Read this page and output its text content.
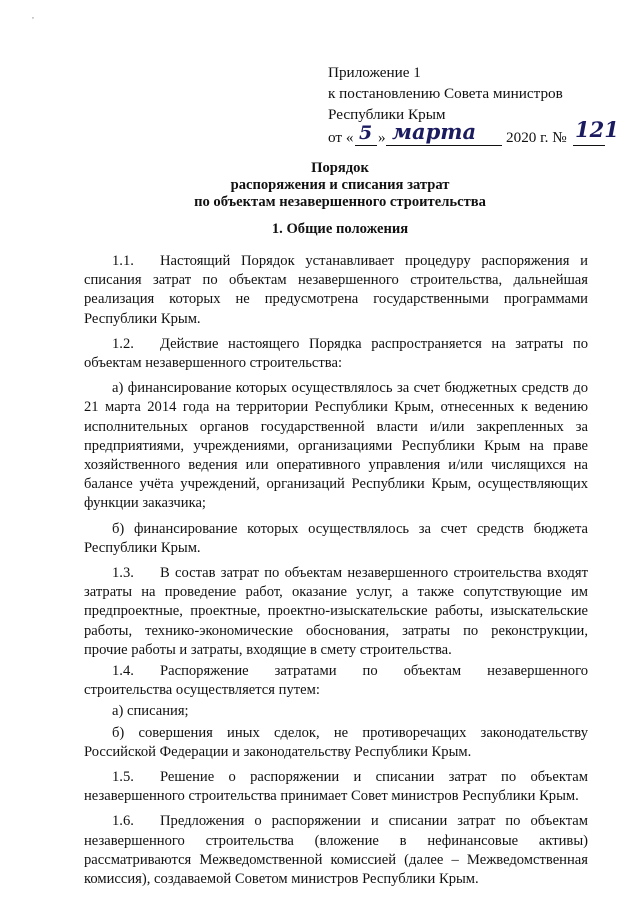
,
Приложение 1
к постановлению Совета министров
Республики Крым
от « 5 » марта 2020 г. № 121
Порядок
распоряжения и списания затрат
по объектам незавершенного строительства
1. Общие положения

1.1. Настоящий Порядок устанавливает процедуру распоряжения и списания затрат по объектам незавершенного строительства, дальнейшая реализация которых не предусмотрена государственными программами Республики Крым.

1.2. Действие настоящего Порядка распространяется на затраты по объектам незавершенного строительства:

а) финансирование которых осуществлялось за счет бюджетных средств до 21 марта 2014 года на территории Республики Крым, отнесенных к ведению исполнительных органов государственной власти и/или закрепленных за предприятиями, учреждениями, организациями Республики Крым на праве хозяйственного ведения или оперативного управления и/или числящихся на балансе учёта учреждений, организаций Республики Крым, осуществляющих функции заказчика;

б) финансирование которых осуществлялось за счет средств бюджета Республики Крым.

1.3. В состав затрат по объектам незавершенного строительства входят затраты на проведение работ, оказание услуг, а также сопутствующие им предпроектные, проектные, проектно-изыскательские работы, изыскательские работы, технико-экономические обоснования, затраты по реконструкции, прочие работы и затраты, входящие в смету строительства.

1.4. Распоряжение затратами по объектам незавершенного строительства осуществляется путем:

а) списания;

б) совершения иных сделок, не противоречащих законодательству Российской Федерации и законодательству Республики Крым.

1.5. Решение о распоряжении и списании затрат по объектам незавершенного строительства принимает Совет министров Республики Крым.

1.6. Предложения о распоряжении и списании затрат по объектам незавершенного строительства (вложение в нефинансовые активы) рассматриваются Межведомственной комиссией (далее – Межведомственная комиссия), создаваемой Советом министров Республики Крым.
